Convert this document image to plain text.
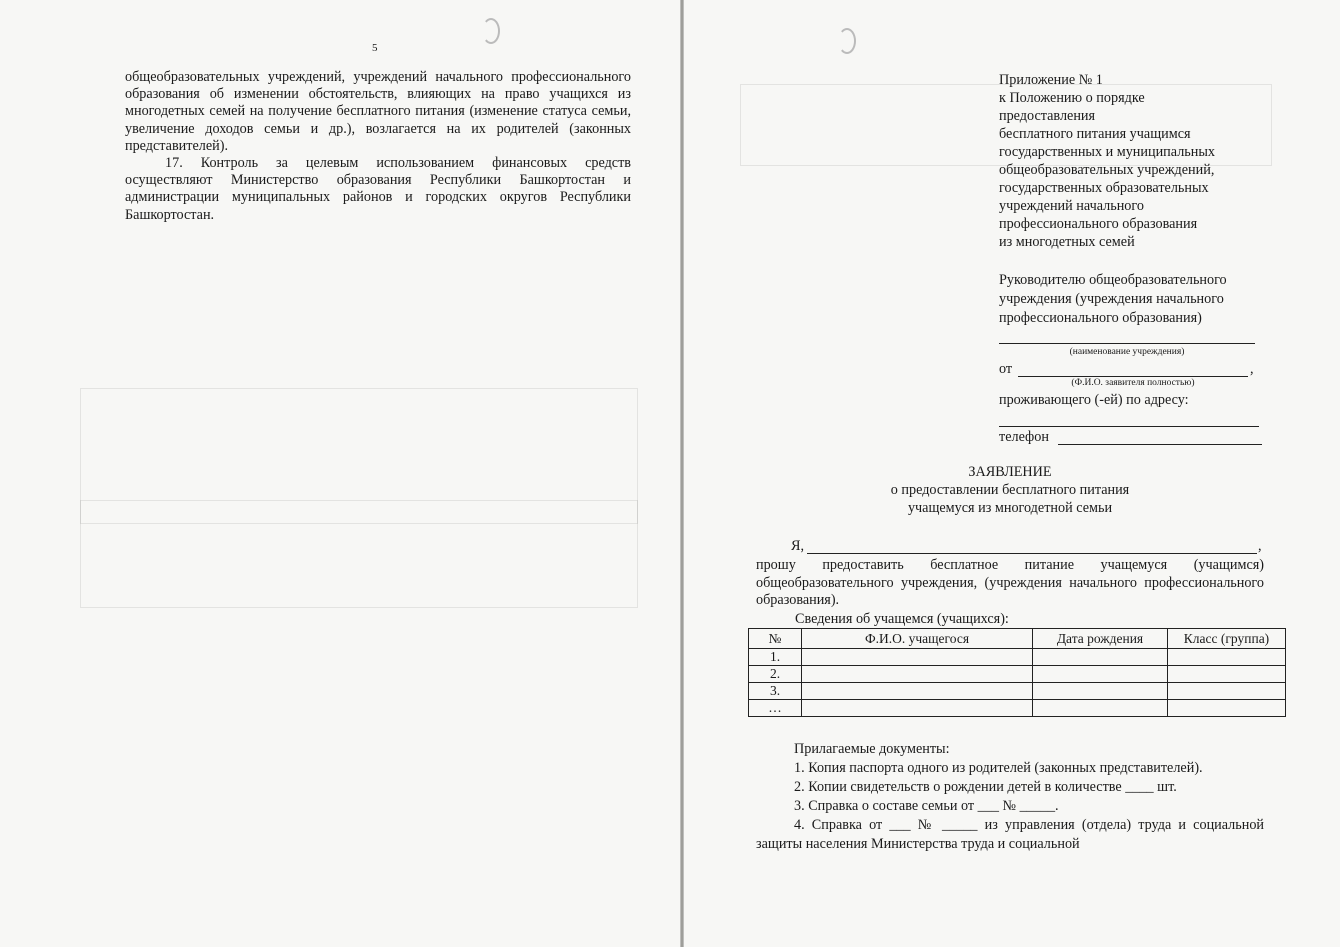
5

общеобразовательных учреждений, учреждений начального профессионального образования об изменении обстоятельств, влияющих на право учащихся из многодетных семей на получение бесплатного питания (изменение статуса семьи, увеличение доходов семьи и др.), возлагается на их родителей (законных представителей).

17. Контроль за целевым использованием финансовых средств осуществляют Министерство образования Республики Башкортостан и администрации муниципальных районов и городских округов Республики Башкортостан.

Приложение № 1
к Положению о порядке
предоставления
бесплатного питания учащимся
государственных и муниципальных
общеобразовательных учреждений,
государственных образовательных
учреждений начального
профессионального образования
из многодетных семей
Руководителю общеобразовательного учреждения (учреждения начального профессионального образования)
(наименование учреждения)
от	,
(Ф.И.О. заявителя полностью)
проживающего (-ей) по адресу:
телефон
ЗАЯВЛЕНИЕ
о предоставлении бесплатного питания
учащемуся из многодетной семьи
Я,	,

прошу предоставить бесплатное питание учащемуся (учащимся) общеобразовательного учреждения, (учреждения начального профессионального образования).

Сведения об учащемся (учащихся):
№	Ф.И.О. учащегося	Дата рождения	Класс (группа)
1.			
2.			
3.			
…			
Прилагаемые документы:
1. Копия паспорта одного из родителей (законных представителей).
2. Копии свидетельств о рождении детей в количестве ____ шт.
3. Справка о составе семьи от ___ № _____.
4. Справка от ___ № _____ из управления (отдела) труда и социальной защиты населения Министерства труда и социальной
